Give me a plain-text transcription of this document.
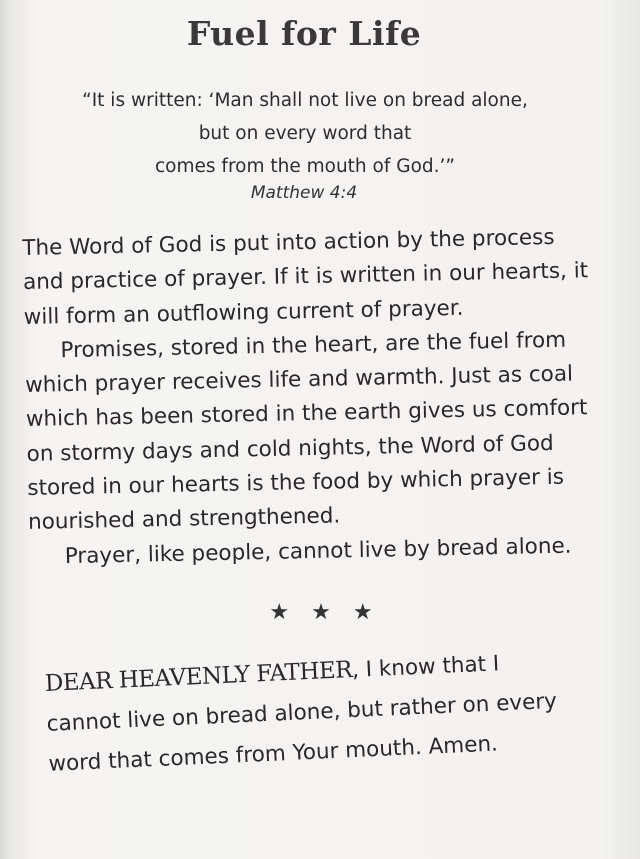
Fuel for Life
“It is written: ‘Man shall not live on bread alone,
but on every word that
comes from the mouth of God.’”
Matthew 4:4
The Word of God is put into action by the process
and practice of prayer. If it is written in our hearts, it
will form an outflowing current of prayer.
Promises, stored in the heart, are the fuel from
which prayer receives life and warmth. Just as coal
which has been stored in the earth gives us comfort
on stormy days and cold nights, the Word of God
stored in our hearts is the food by which prayer is
nourished and strengthened.
Prayer, like people, cannot live by bread alone.
★★★
DEAR HEAVENLY FATHER, I know that I
cannot live on bread alone, but rather on every
word that comes from Your mouth. Amen.
